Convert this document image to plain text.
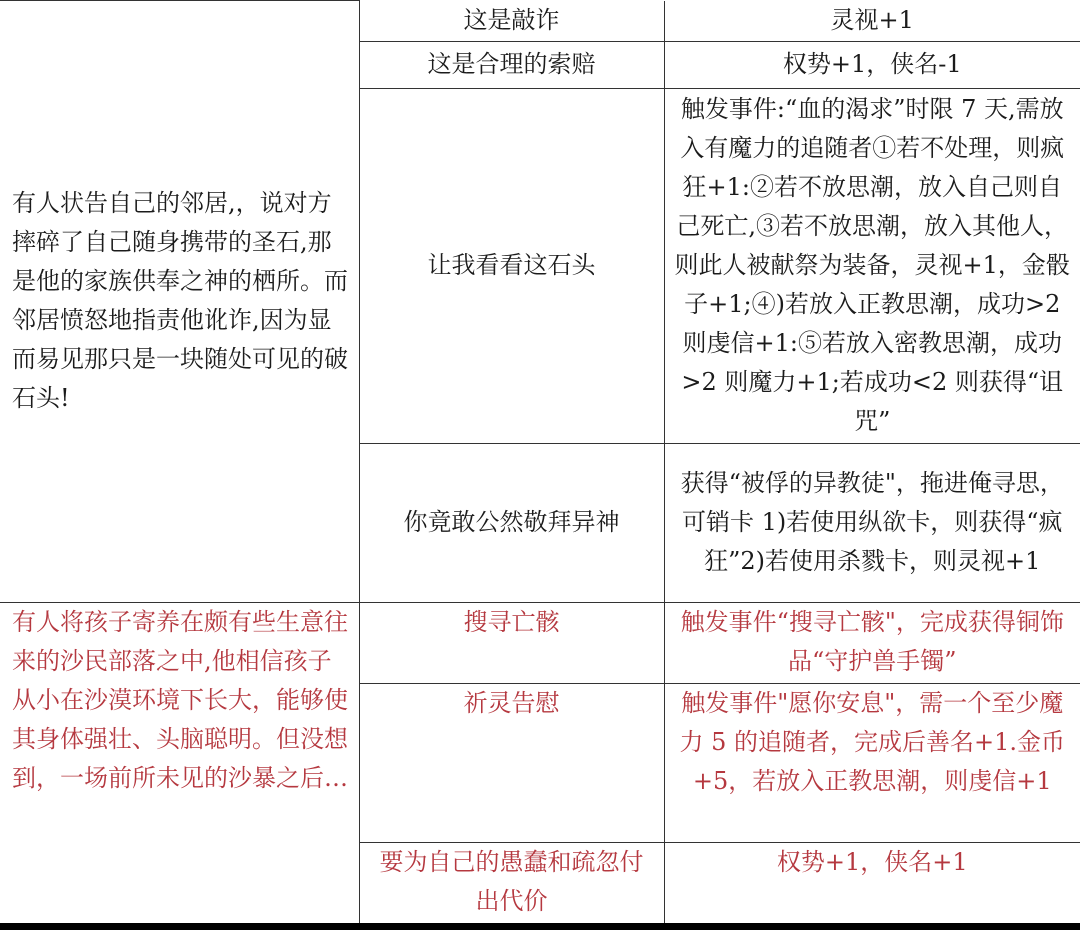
有人状告自己的邻居,，说对方摔碎了自己随身携带的圣石,那是他的家族供奉之神的栖所。而邻居愤怒地指责他讹诈,因为显而易见那只是一块随处可见的破石头!	这是敲诈	灵视+1
	这是合理的索赔	权势+1，侠名-1
	让我看看这石头	触发事件:“血的渴求”时限 7 天,需放入有魔力的追随者①若不处理，则疯狂+1:②若不放思潮，放入自己则自己死亡,③若不放思潮，放入其他人，则此人被献祭为装备，灵视+1，金骰子+1;④)若放入正教思潮，成功>2 则虔信+1:⑤若放入密教思潮，成功>2 则魔力+1;若成功<2 则获得“诅咒”
	你竟敢公然敬拜异神	获得“被俘的异教徒"，拖进俺寻思，可销卡 1)若使用纵欲卡，则获得“疯狂”2)若使用杀戮卡，则灵视+1
有人将孩子寄养在颇有些生意往来的沙民部落之中,他相信孩子从小在沙漠环境下长大，能够使其身体强壮、头脑聪明。但没想到，一场前所未见的沙暴之后…	搜寻亡骸	触发事件“搜寻亡骸"，完成获得铜饰品“守护兽手镯”
	祈灵告慰	触发事件"愿你安息"，需一个至少魔力 5 的追随者，完成后善名+1.金币+5，若放入正教思潮，则虔信+1
	要为自己的愚蠢和疏忽付出代价	权势+1，侠名+1
